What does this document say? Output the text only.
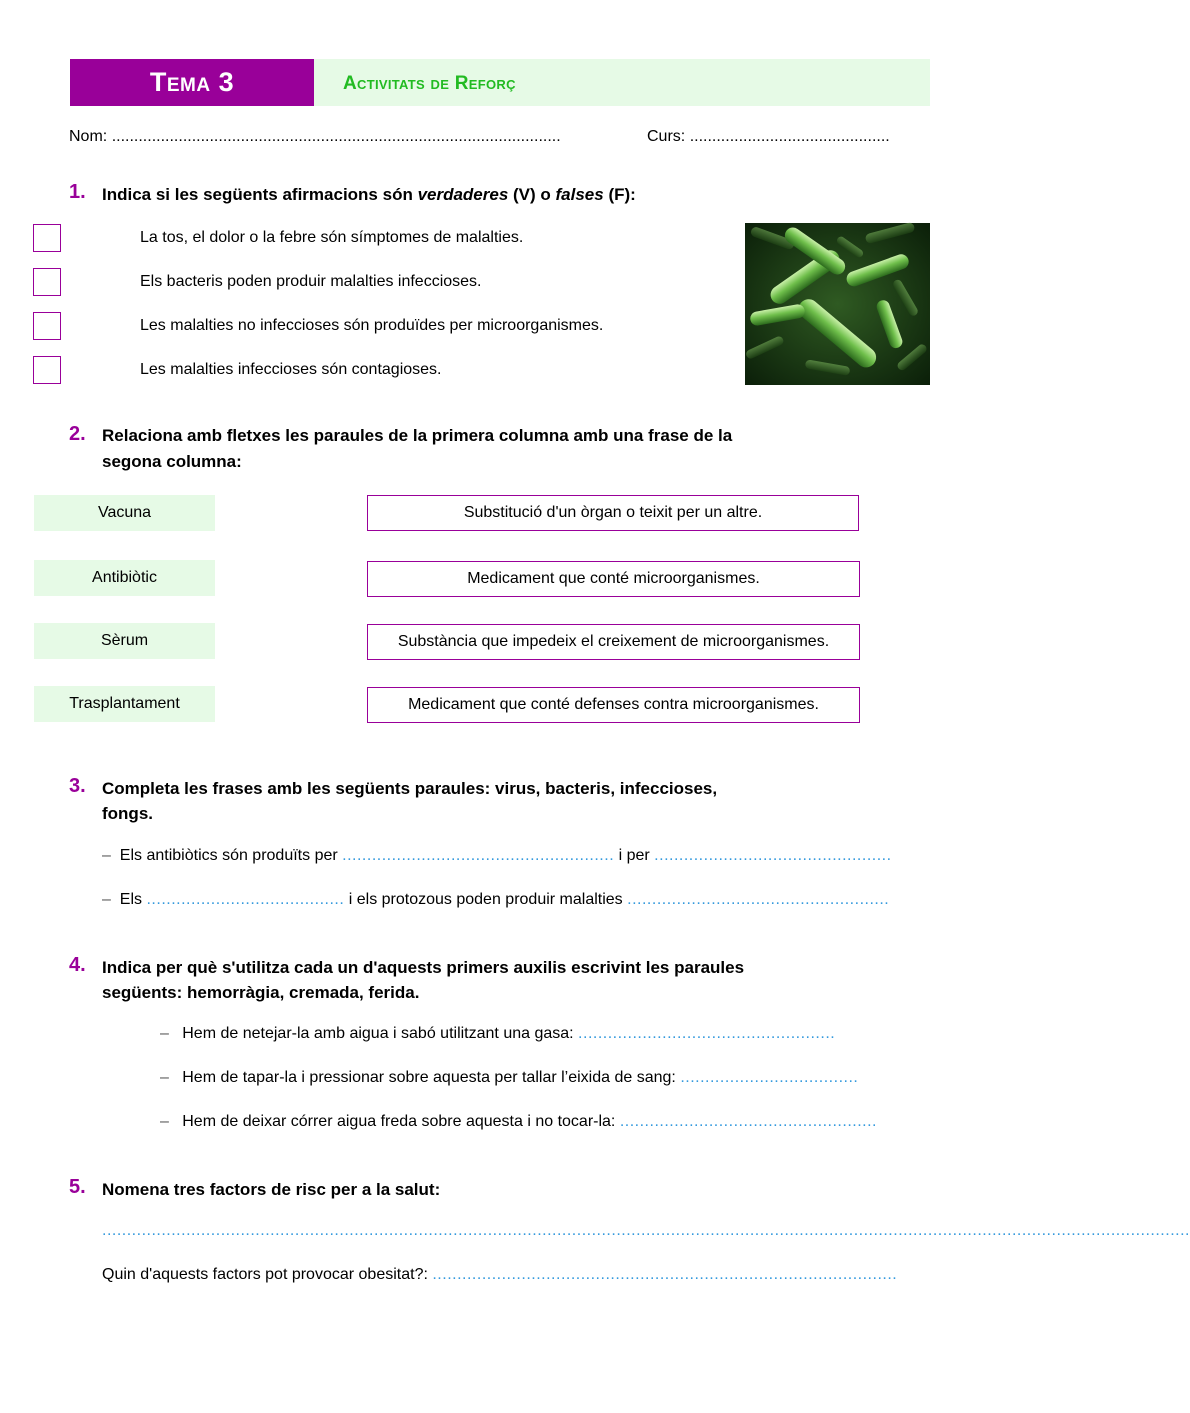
Tema 3	Activitats de Reforç
Nom: .....................................................................................................	Curs: .............................................
1. Indica si les següents afirmacions són verdaderes (V) o falses (F):
La tos, el dolor o la febre són símptomes de malalties.
Els bacteris poden produir malalties infeccioses.
Les malalties no infeccioses són produïdes per microorganismes.
Les malalties infeccioses són contagioses.
2. Relaciona amb fletxes les paraules de la primera columna amb una frase de la
segona columna:
Vacuna
Antibiòtic
Sèrum
Trasplantament
Substitució d'un òrgan o teixit per un altre.
Medicament que conté microorganismes.
Substància que impedeix el creixement de microorganismes.
Medicament que conté defenses contra microorganismes.
3. Completa les frases amb les següents paraules: virus, bacteris, infeccioses,
fongs.
– Els antibiòtics són produïts per ....................................................... i per ................................................
– Els ........................................ i els protozous poden produir malalties .....................................................
4. Indica per què s'utilitza cada un d'aquests primers auxilis escrivint les paraules
següents: hemorràgia, cremada, ferida.
– Hem de netejar-la amb aigua i sabó utilitzant una gasa: ....................................................
– Hem de tapar-la i pressionar sobre aquesta per tallar l’eixida de sang: ....................................
– Hem de deixar córrer aigua freda sobre aquesta i no tocar-la: ....................................................
5. Nomena tres factors de risc per a la salut:
............................................................................................................................................................................................................................
Quin d'aquests factors pot provocar obesitat?: ..............................................................................................
